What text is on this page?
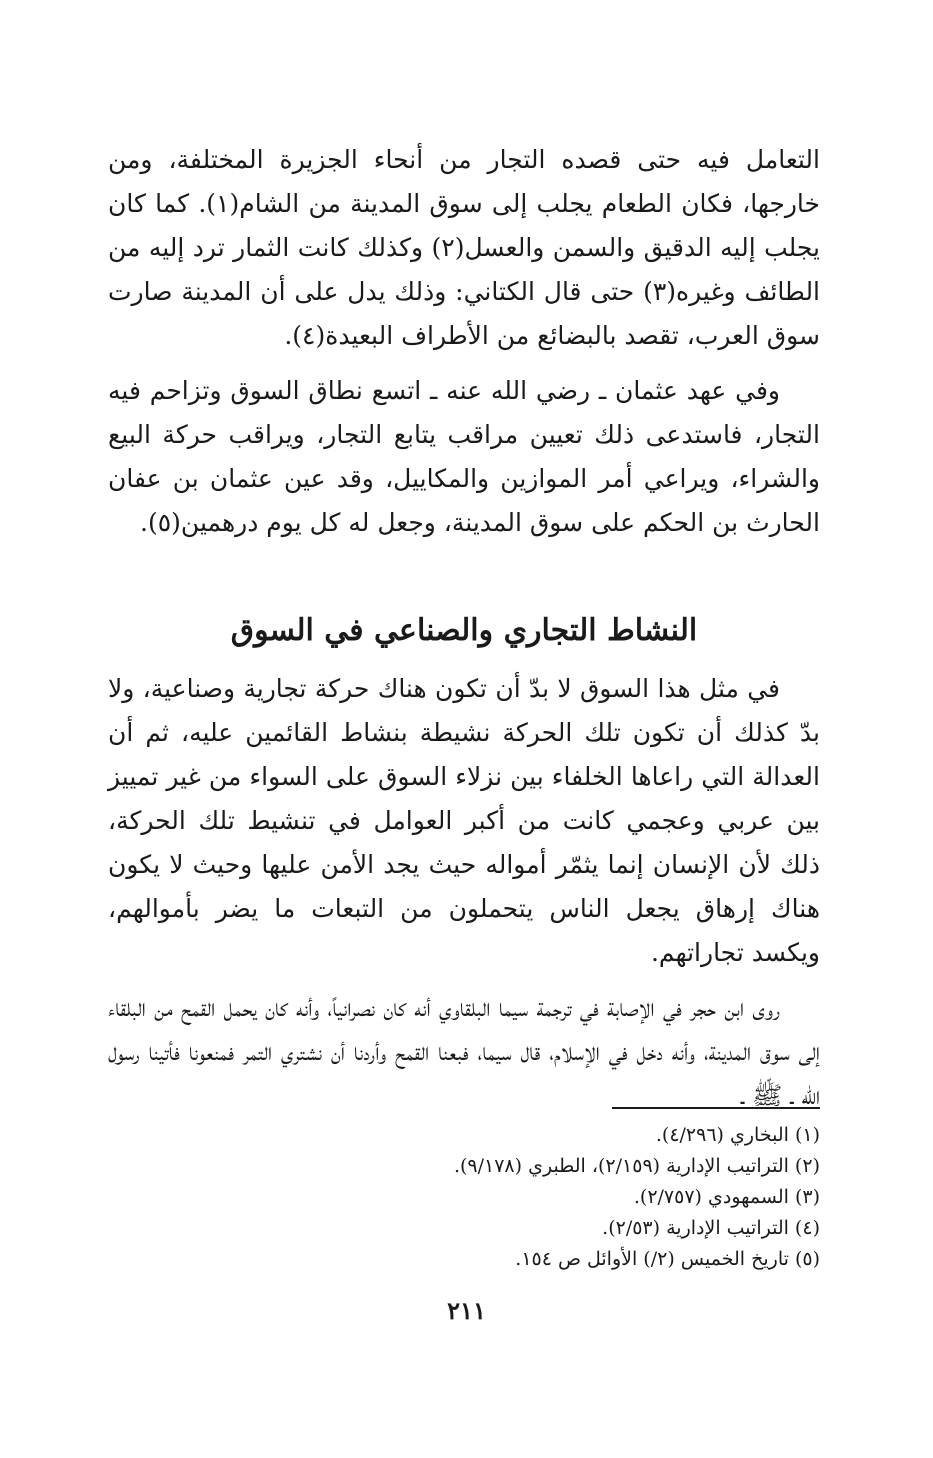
التعامل فيه حتى قصده التجار من أنحاء الجزيرة المختلفة، ومن خارجها، فكان الطعام يجلب إلى سوق المدينة من الشام(١). كما كان يجلب إليه الدقيق والسمن والعسل(٢) وكذلك كانت الثمار ترد إليه من الطائف وغيره(٣) حتى قال الكتاني: وذلك يدل على أن المدينة صارت سوق العرب، تقصد بالبضائع من الأطراف البعيدة(٤).

وفي عهد عثمان ـ رضي الله عنه ـ اتسع نطاق السوق وتزاحم فيه التجار، فاستدعى ذلك تعيين مراقب يتابع التجار، ويراقب حركة البيع والشراء، ويراعي أمر الموازين والمكاييل، وقد عين عثمان بن عفان الحارث بن الحكم على سوق المدينة، وجعل له كل يوم درهمين(٥).

النشاط التجاري والصناعي في السوق

في مثل هذا السوق لا بدّ أن تكون هناك حركة تجارية وصناعية، ولا بدّ كذلك أن تكون تلك الحركة نشيطة بنشاط القائمين عليه، ثم أن العدالة التي راعاها الخلفاء بين نزلاء السوق على السواء من غير تمييز بين عربي وعجمي كانت من أكبر العوامل في تنشيط تلك الحركة، ذلك لأن الإنسان إنما يثمّر أمواله حيث يجد الأمن عليها وحيث لا يكون هناك إرهاق يجعل الناس يتحملون من التبعات ما يضر بأموالهم، ويكسد تجاراتهم.

روى ابن حجر في الإصابة في ترجمة سيما البلقاوي أنه كان نصرانياً، وأنه كان يحمل القمح من البلقاء إلى سوق المدينة، وأنه دخل في الإسلام، قال سيما، فبعنا القمح وأردنا أن نشتري التمر فمنعونا فأتينا رسول الله ـ ﷺ ـ

(١) البخاري (٤/٢٩٦).

(٢) التراتيب الإدارية (٢/١٥٩)، الطبري (٩/١٧٨).

(٣) السمهودي (٢/٧٥٧).

(٤) التراتيب الإدارية (٢/٥٣).

(٥) تاريخ الخميس (٢/) الأوائل ص ١٥٤.

٢١١
